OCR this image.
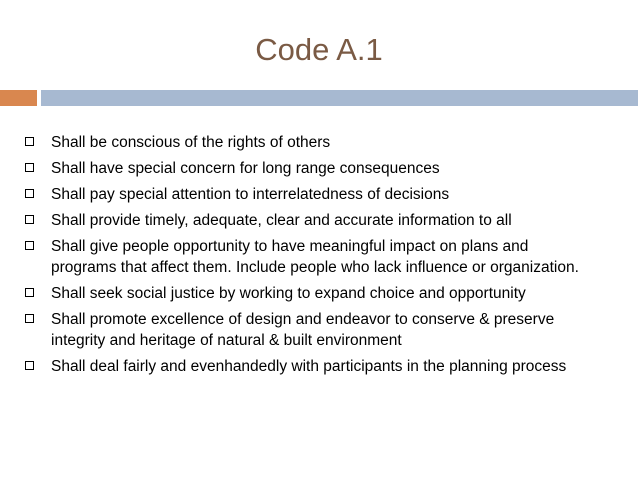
Code A.1
Shall be conscious of the rights of others
Shall have special concern for long range consequences
Shall pay special attention to interrelatedness of decisions
Shall provide timely, adequate, clear and accurate information to all
Shall give people opportunity to have meaningful impact on plans and programs that affect them. Include people who lack influence or organization.
Shall seek social justice by working to expand choice and opportunity
Shall promote excellence of design and endeavor to conserve & preserve integrity and heritage of natural & built environment
Shall deal fairly and evenhandedly with participants in the planning process
